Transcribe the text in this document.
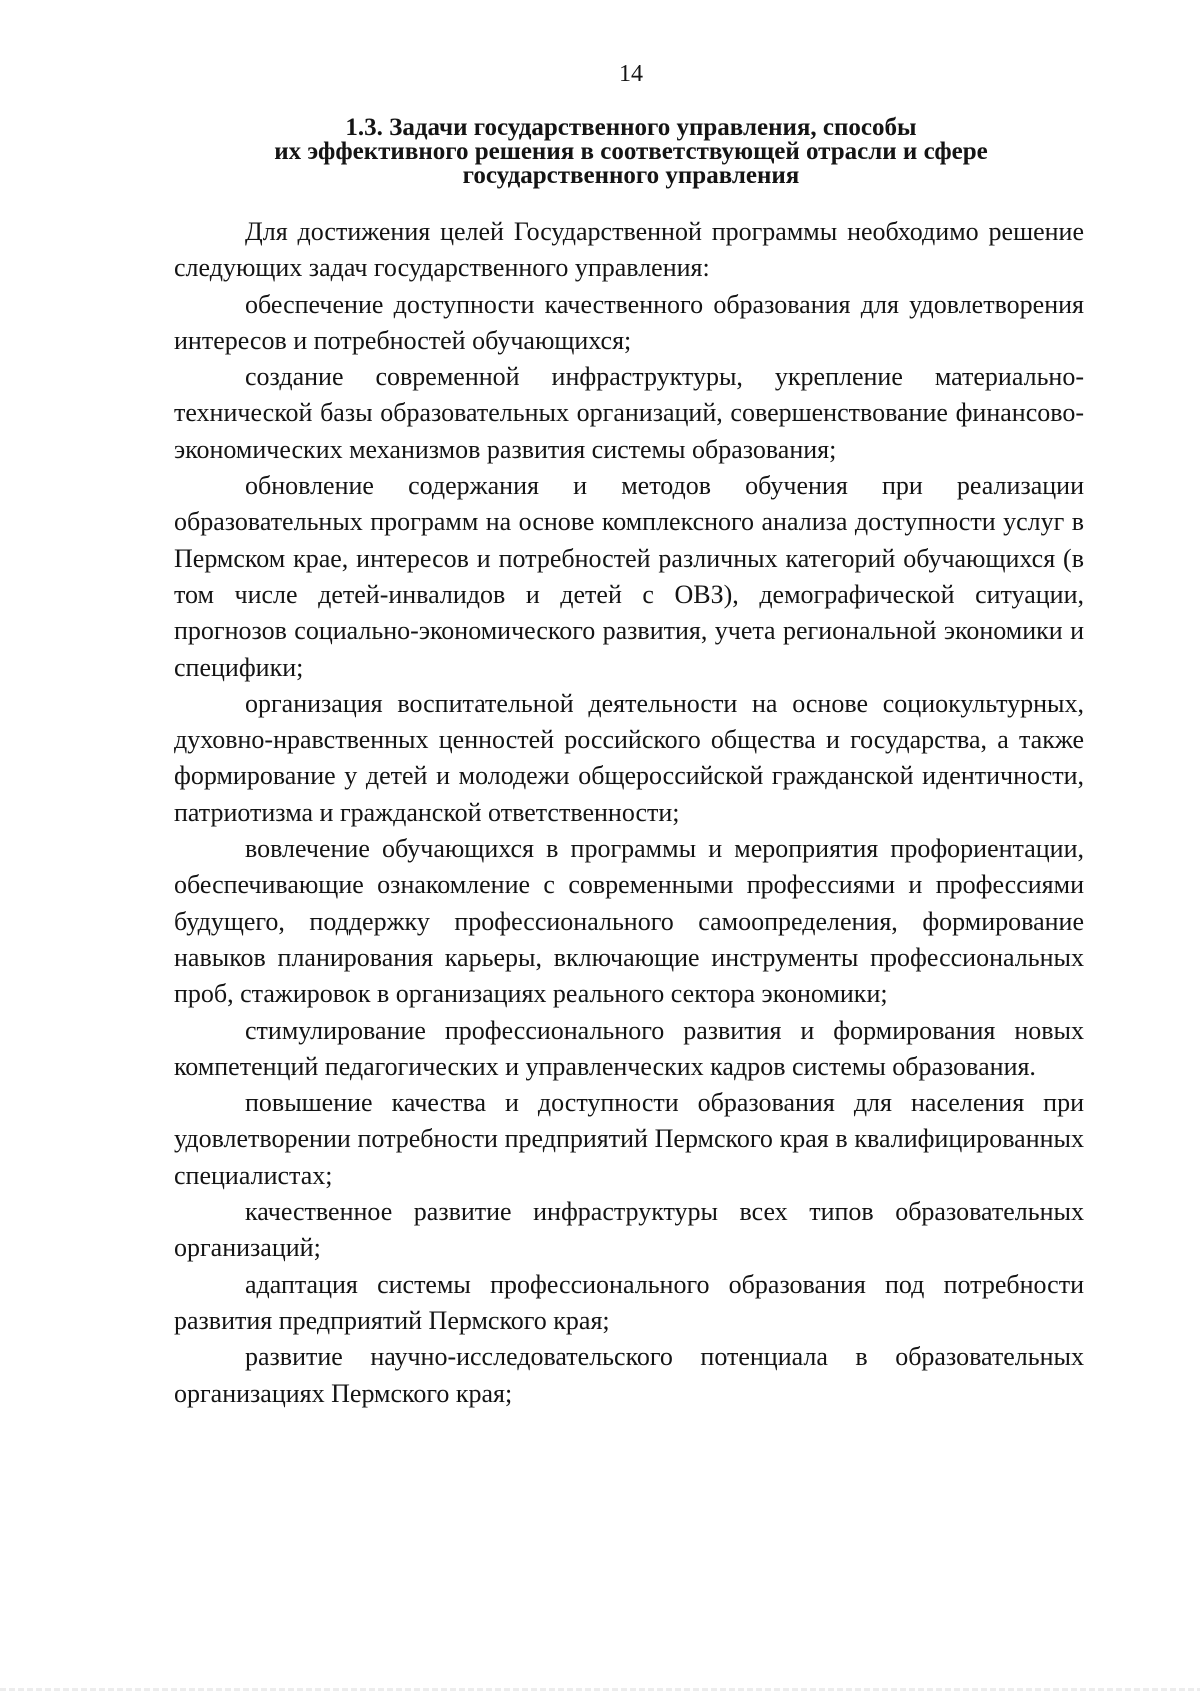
14
1.3. Задачи государственного управления, способы
их эффективного решения в соответствующей отрасли и сфере
государственного управления

Для достижения целей Государственной программы необходимо решение следующих задач государственного управления:

обеспечение доступности качественного образования для удовлетворения интересов и потребностей обучающихся;

создание современной инфраструктуры, укрепление материально-технической базы образовательных организаций, совершенствование финансово-экономических механизмов развития системы образования;

обновление содержания и методов обучения при реализации образовательных программ на основе комплексного анализа доступности услуг в Пермском крае, интересов и потребностей различных категорий обучающихся (в том числе детей-инвалидов и детей с ОВЗ), демографической ситуации, прогнозов социально-экономического развития, учета региональной экономики и специфики;

организация воспитательной деятельности на основе социокультурных, духовно-нравственных ценностей российского общества и государства, а также формирование у детей и молодежи общероссийской гражданской идентичности, патриотизма и гражданской ответственности;

вовлечение обучающихся в программы и мероприятия профориентации, обеспечивающие ознакомление с современными профессиями и профессиями будущего, поддержку профессионального самоопределения, формирование навыков планирования карьеры, включающие инструменты профессиональных проб, стажировок в организациях реального сектора экономики;

стимулирование профессионального развития и формирования новых компетенций педагогических и управленческих кадров системы образования.

повышение качества и доступности образования для населения при удовлетворении потребности предприятий Пермского края в квалифицированных специалистах;

качественное развитие инфраструктуры всех типов образовательных организаций;

адаптация системы профессионального образования под потребности развития предприятий Пермского края;

развитие научно-исследовательского потенциала в образовательных организациях Пермского края;
